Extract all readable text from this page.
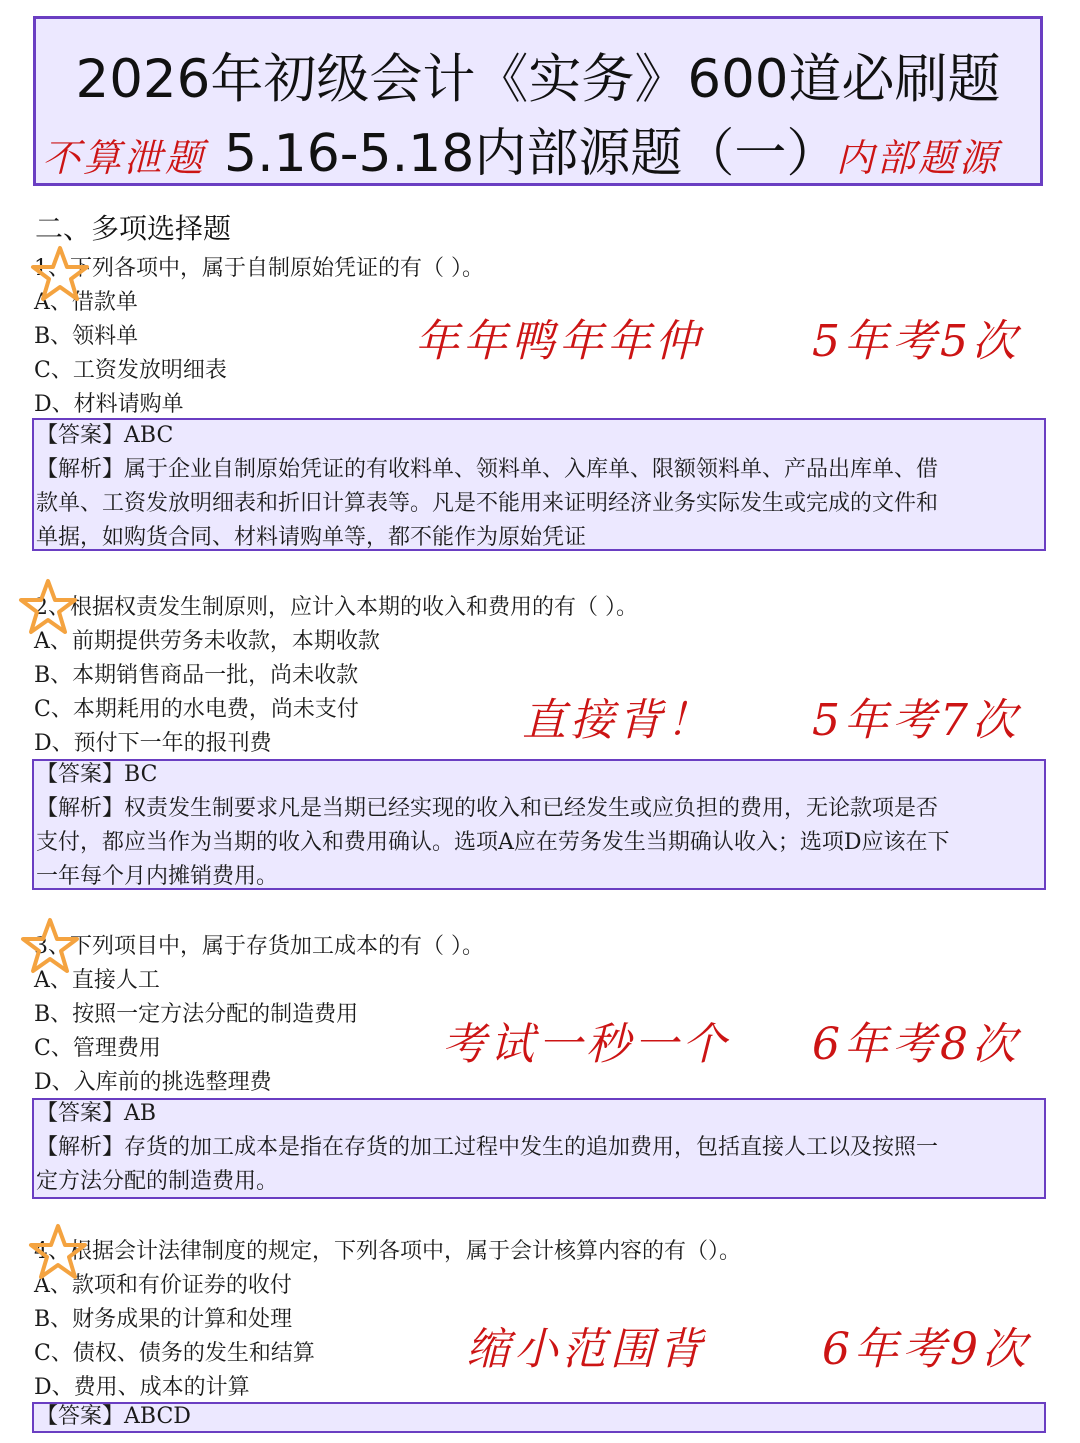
2026年初级会计《实务》600道必刷题
不算泄题 5.16-5.18内部源题（一）
内部题源
二、多项选择题
1、下列各项中，属于自制原始凭证的有（ ）。
A、借款单
B、领料单
C、工资发放明细表
D、材料请购单
年年鸭年年仲 5年考5次
【答案】ABC
【解析】属于企业自制原始凭证的有收料单、领料单、入库单、限额领料单、产品出库单、借
款单、工资发放明细表和折旧计算表等。凡是不能用来证明经济业务实际发生或完成的文件和
单据，如购货合同、材料请购单等，都不能作为原始凭证
2、根据权责发生制原则，应计入本期的收入和费用的有（ ）。
A、前期提供劳务未收款，本期收款
B、本期销售商品一批，尚未收款
C、本期耗用的水电费，尚未支付
D、预付下一年的报刊费	直接背！ 5年考7次
【答案】BC
【解析】权责发生制要求凡是当期已经实现的收入和已经发生或应负担的费用，无论款项是否
支付，都应当作为当期的收入和费用确认。选项A应在劳务发生当期确认收入；选项D应该在下
一年每个月内摊销费用。
3、下列项目中，属于存货加工成本的有（ ）。
A、直接人工
B、按照一定方法分配的制造费用
C、管理费用
D、入库前的挑选整理费
考试一秒一个 6年考8次
【答案】AB
【解析】存货的加工成本是指在存货的加工过程中发生的追加费用，包括直接人工以及按照一
定方法分配的制造费用。
4、根据会计法律制度的规定，下列各项中，属于会计核算内容的有（）。
A、款项和有价证券的收付
B、财务成果的计算和处理
C、债权、债务的发生和结算
D、费用、成本的计算
缩小范围背	6年考9次
【答案】ABCD
